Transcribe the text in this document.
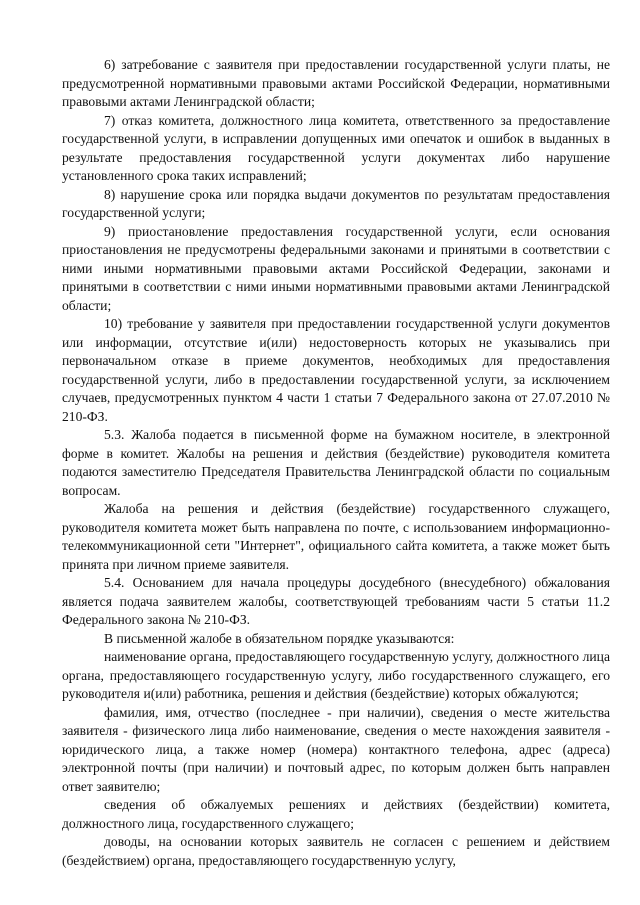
6) затребование с заявителя при предоставлении государственной услуги платы, не предусмотренной нормативными правовыми актами Российской Федерации, нормативными правовыми актами Ленинградской области;

7) отказ комитета, должностного лица комитета, ответственного за предоставление государственной услуги, в исправлении допущенных ими опечаток и ошибок в выданных в результате предоставления государственной услуги документах либо нарушение установленного срока таких исправлений;

8) нарушение срока или порядка выдачи документов по результатам предоставления государственной услуги;

9) приостановление предоставления государственной услуги, если основания приостановления не предусмотрены федеральными законами и принятыми в соответствии с ними иными нормативными правовыми актами Российской Федерации, законами и принятыми в соответствии с ними иными нормативными правовыми актами Ленинградской области;

10) требование у заявителя при предоставлении государственной услуги документов или информации, отсутствие и(или) недостоверность которых не указывались при первоначальном отказе в приеме документов, необходимых для предоставления государственной услуги, либо в предоставлении государственной услуги, за исключением случаев, предусмотренных пунктом 4 части 1 статьи 7 Федерального закона от 27.07.2010 № 210-ФЗ.

5.3. Жалоба подается в письменной форме на бумажном носителе, в электронной форме в комитет. Жалобы на решения и действия (бездействие) руководителя комитета подаются заместителю Председателя Правительства Ленинградской области по социальным вопросам.

Жалоба на решения и действия (бездействие) государственного служащего, руководителя комитета может быть направлена по почте, с использованием информационно-телекоммуникационной сети "Интернет", официального сайта комитета, а также может быть принята при личном приеме заявителя.

5.4. Основанием для начала процедуры досудебного (внесудебного) обжалования является подача заявителем жалобы, соответствующей требованиям части 5 статьи 11.2 Федерального закона № 210-ФЗ.

В письменной жалобе в обязательном порядке указываются:

наименование органа, предоставляющего государственную услугу, должностного лица органа, предоставляющего государственную услугу, либо государственного служащего, его руководителя и(или) работника, решения и действия (бездействие) которых обжалуются;

фамилия, имя, отчество (последнее - при наличии), сведения о месте жительства заявителя - физического лица либо наименование, сведения о месте нахождения заявителя - юридического лица, а также номер (номера) контактного телефона, адрес (адреса) электронной почты (при наличии) и почтовый адрес, по которым должен быть направлен ответ заявителю;

сведения об обжалуемых решениях и действиях (бездействии) комитета, должностного лица, государственного служащего;

доводы, на основании которых заявитель не согласен с решением и действием (бездействием) органа, предоставляющего государственную услугу,
